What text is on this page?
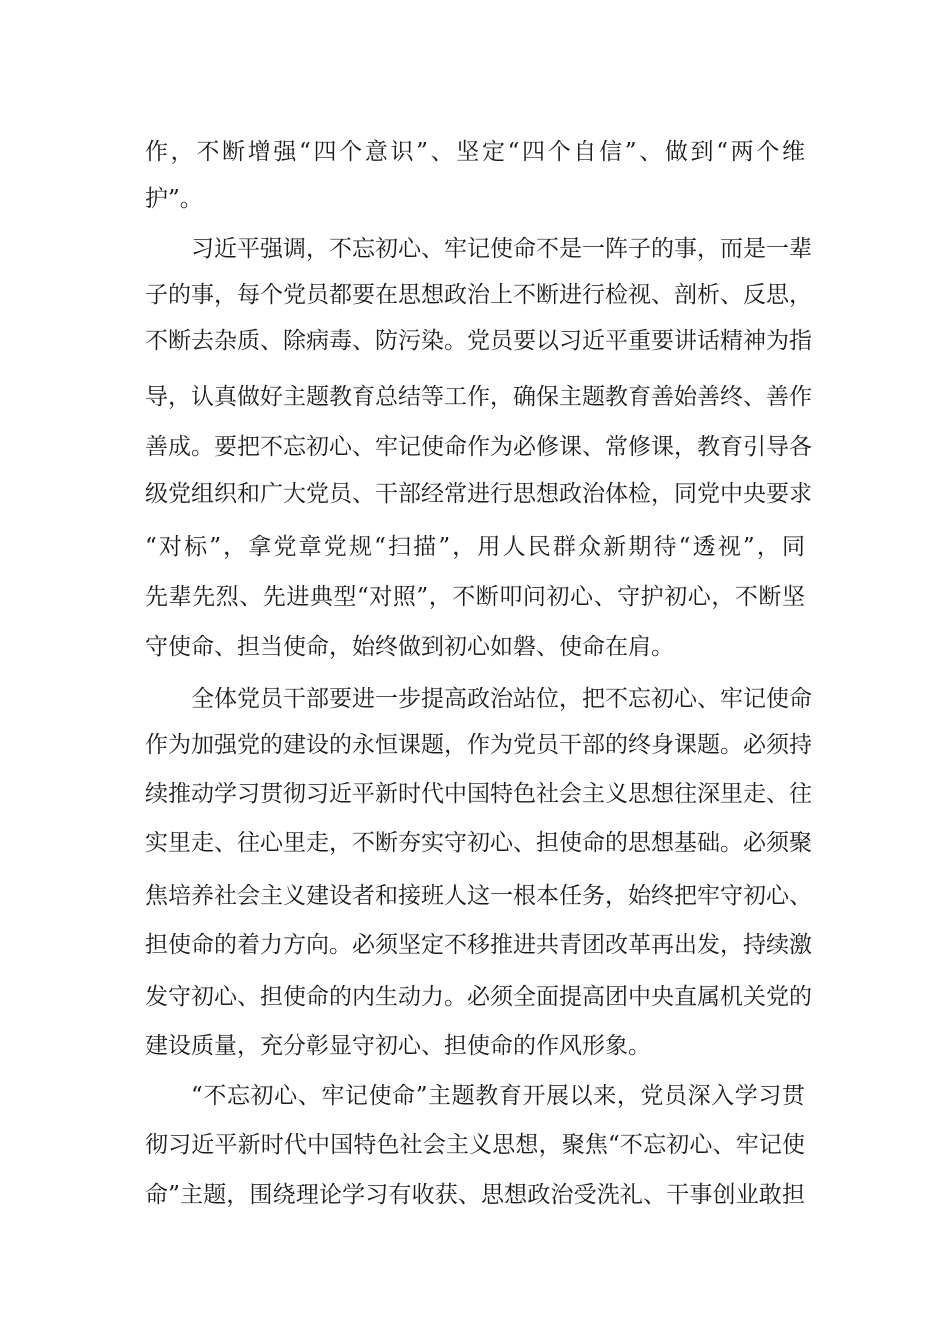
作，不断增强“四个意识”、坚定“四个自信”、做到“两个维
护”。
习近平强调，不忘初心、牢记使命不是一阵子的事，而是一辈
子的事，每个党员都要在思想政治上不断进行检视、剖析、反思，
不断去杂质、除病毒、防污染。党员要以习近平重要讲话精神为指
导，认真做好主题教育总结等工作，确保主题教育善始善终、善作
善成。要把不忘初心、牢记使命作为必修课、常修课，教育引导各
级党组织和广大党员、干部经常进行思想政治体检，同党中央要求
“对标”，拿党章党规“扫描”，用人民群众新期待“透视”，同
先辈先烈、先进典型“对照”，不断叩问初心、守护初心，不断坚
守使命、担当使命，始终做到初心如磐、使命在肩。
全体党员干部要进一步提高政治站位，把不忘初心、牢记使命
作为加强党的建设的永恒课题，作为党员干部的终身课题。必须持
续推动学习贯彻习近平新时代中国特色社会主义思想往深里走、往
实里走、往心里走，不断夯实守初心、担使命的思想基础。必须聚
焦培养社会主义建设者和接班人这一根本任务，始终把牢守初心、
担使命的着力方向。必须坚定不移推进共青团改革再出发，持续激
发守初心、担使命的内生动力。必须全面提高团中央直属机关党的
建设质量，充分彰显守初心、担使命的作风形象。
“不忘初心、牢记使命”主题教育开展以来，党员深入学习贯
彻习近平新时代中国特色社会主义思想，聚焦“不忘初心、牢记使
命”主题，围绕理论学习有收获、思想政治受洗礼、干事创业敢担
